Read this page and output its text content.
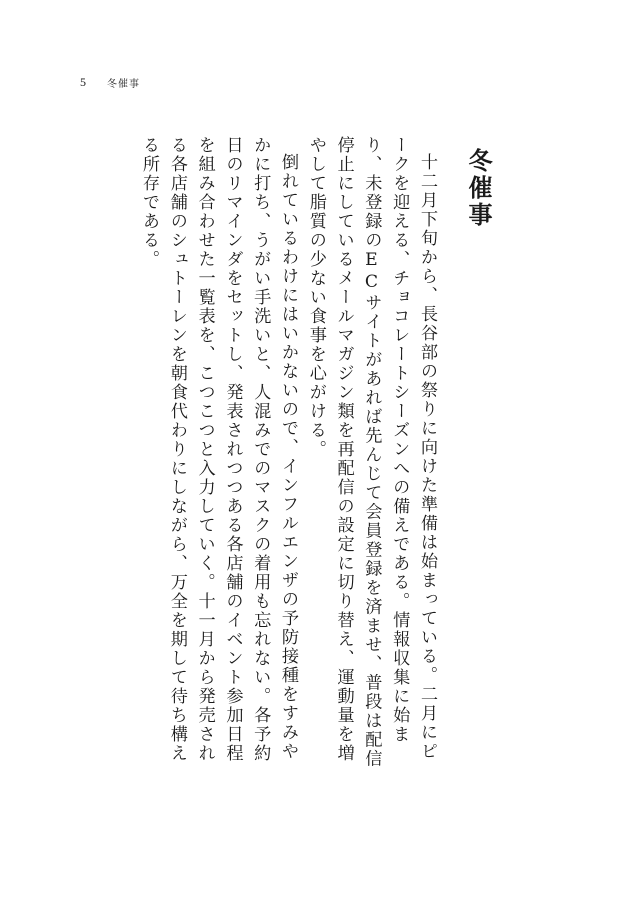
5 冬催事
冬催事

十二月下旬から、長谷部の祭りに向けた準備は始まっている。二月にピークを迎える、チョコレートシーズンへの備えである。情報収集に始まり、未登録のECサイトがあれば先んじて会員登録を済ませ、普段は配信停止にしているメールマガジン類を再配信の設定に切り替え、運動量を増やして脂質の少ない食事を心がける。

倒れているわけにはいかないので、インフルエンザの予防接種をすみやかに打ち、うがい手洗いと、人混みでのマスクの着用も忘れない。各予約日のリマインダをセットし、発表されつつある各店舗のイベント参加日程を組み合わせた一覧表を、こつこつと入力していく。十一月から発売される各店舗のシュトーレンを朝食代わりにしながら、万全を期して待ち構える所存である。
